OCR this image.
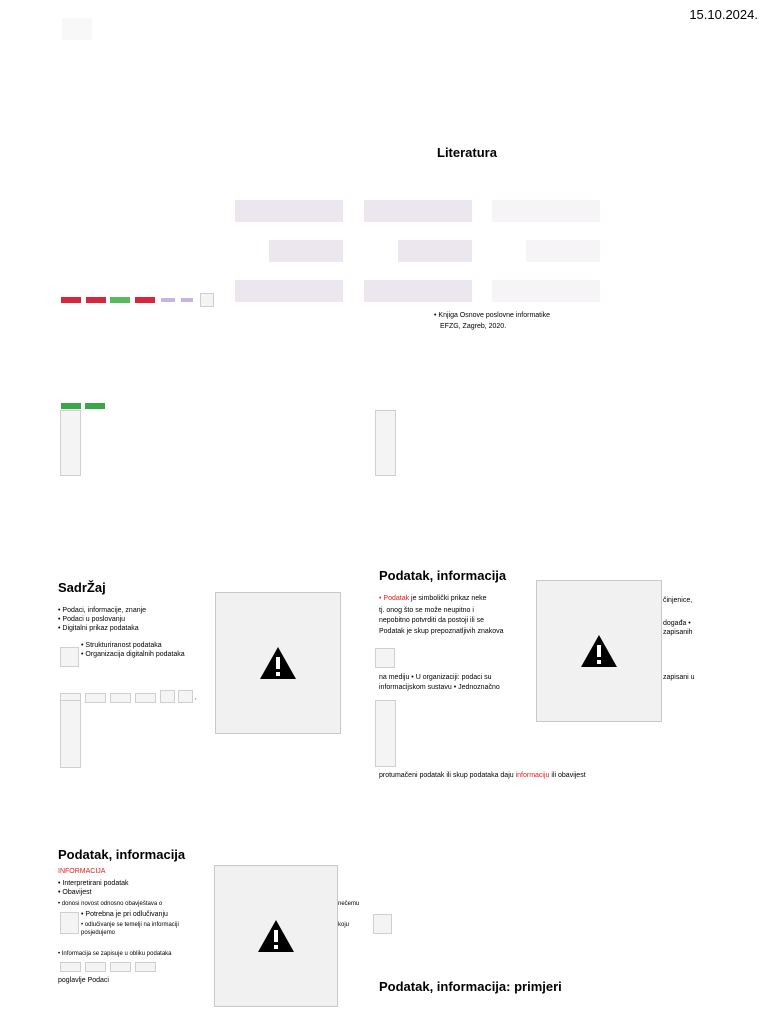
15.10.2024.
Literatura
• Knjiga Osnove poslovne informatike
EFZG, Zagreb, 2020.
SadrŽaj
• Podaci, informacije, znanje
• Podaci u poslovanju
• Digitalni prikaz podataka
• Strukturiranost podataka
• Organizacija digitalnih podataka
,
Podatak, informacija
• Podatak je simbolički prikaz neke
tj. onog što se može neupitno i
nepobitno potvrditi da postoji ili se
Podatak je skup prepoznatljivih znakova
činjenice,
događa •
zapisanih
na mediju • U organizaciji: podaci su
informacijskom sustavu • Jednoznačno
zapisani u
protumačeni podatak ili skup podataka daju informaciju ili obavijest
Podatak, informacija
INFORMACIJA
• Interpretirani podatak
• Obavijest
• donosi novost odnosno obavještava o	nečemu
• Potrebna je pri odlučivanju
• odlučivanje se temelji na informaciji
posjedujemo
koju
• Informacija se zapisuje u obliku podataka
poglavlje Podaci	Podatak, informacija: primjeri
